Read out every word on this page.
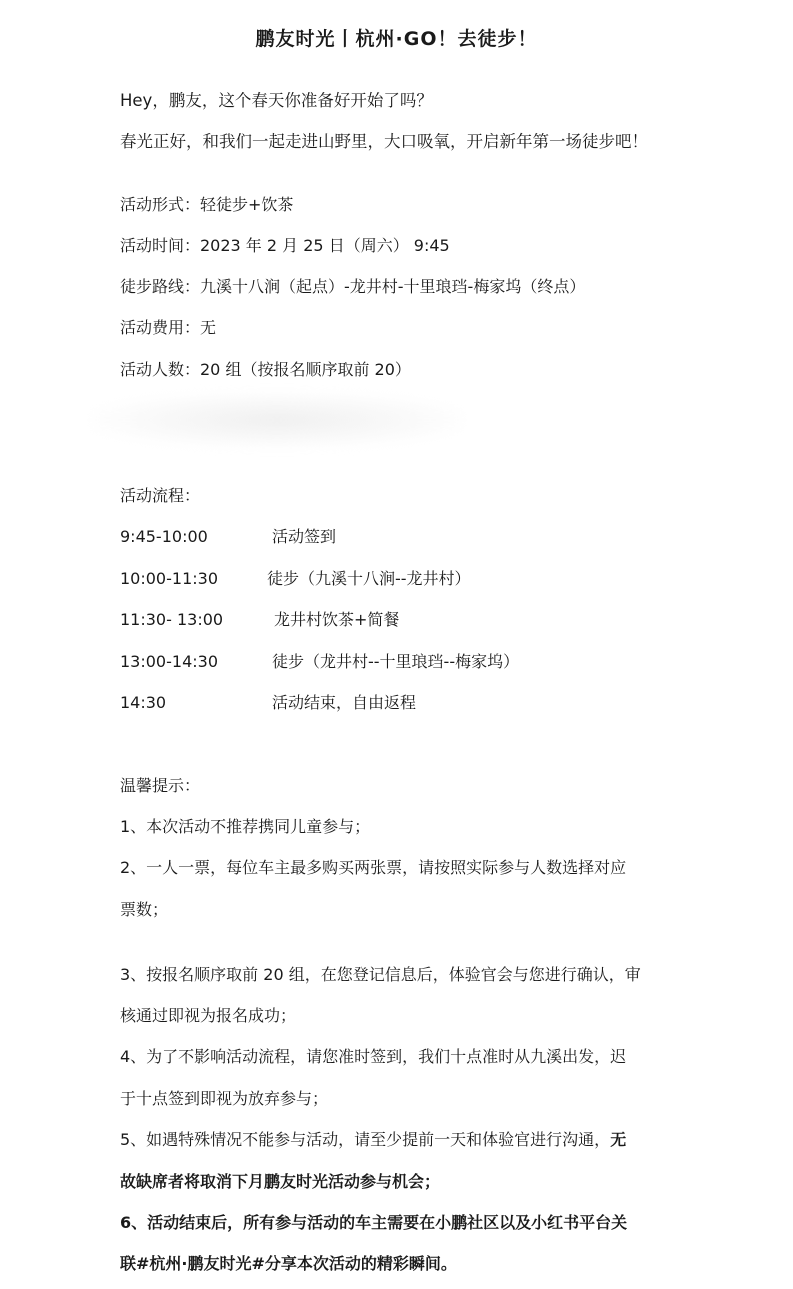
鹏友时光丨杭州·GO！去徒步！
Hey，鹏友，这个春天你准备好开始了吗？
春光正好，和我们一起走进山野里，大口吸氧，开启新年第一场徒步吧！
活动形式：轻徒步+饮茶
活动时间：2023 年 2 月 25 日（周六） 9:45
徒步路线：九溪十八涧（起点）-龙井村-十里琅珰-梅家坞（终点）
活动费用：无
活动人数：20 组（按报名顺序取前 20）
活动流程：
9:45-10:00	活动签到
10:00-11:30	徒步（九溪十八涧--龙井村）
11:30- 13:00	龙井村饮茶+简餐
13:00-14:30	徒步（龙井村--十里琅珰--梅家坞）
14:30	活动结束，自由返程
温馨提示：
1、本次活动不推荐携同儿童参与；
2、一人一票，每位车主最多购买两张票，请按照实际参与人数选择对应
票数；
3、按报名顺序取前 20 组，在您登记信息后，体验官会与您进行确认，审
核通过即视为报名成功；
4、为了不影响活动流程，请您准时签到，我们十点准时从九溪出发，迟
于十点签到即视为放弃参与；
5、如遇特殊情况不能参与活动，请至少提前一天和体验官进行沟通，无
故缺席者将取消下月鹏友时光活动参与机会；
6、活动结束后，所有参与活动的车主需要在小鹏社区以及小红书平台关
联#杭州·鹏友时光#分享本次活动的精彩瞬间。
